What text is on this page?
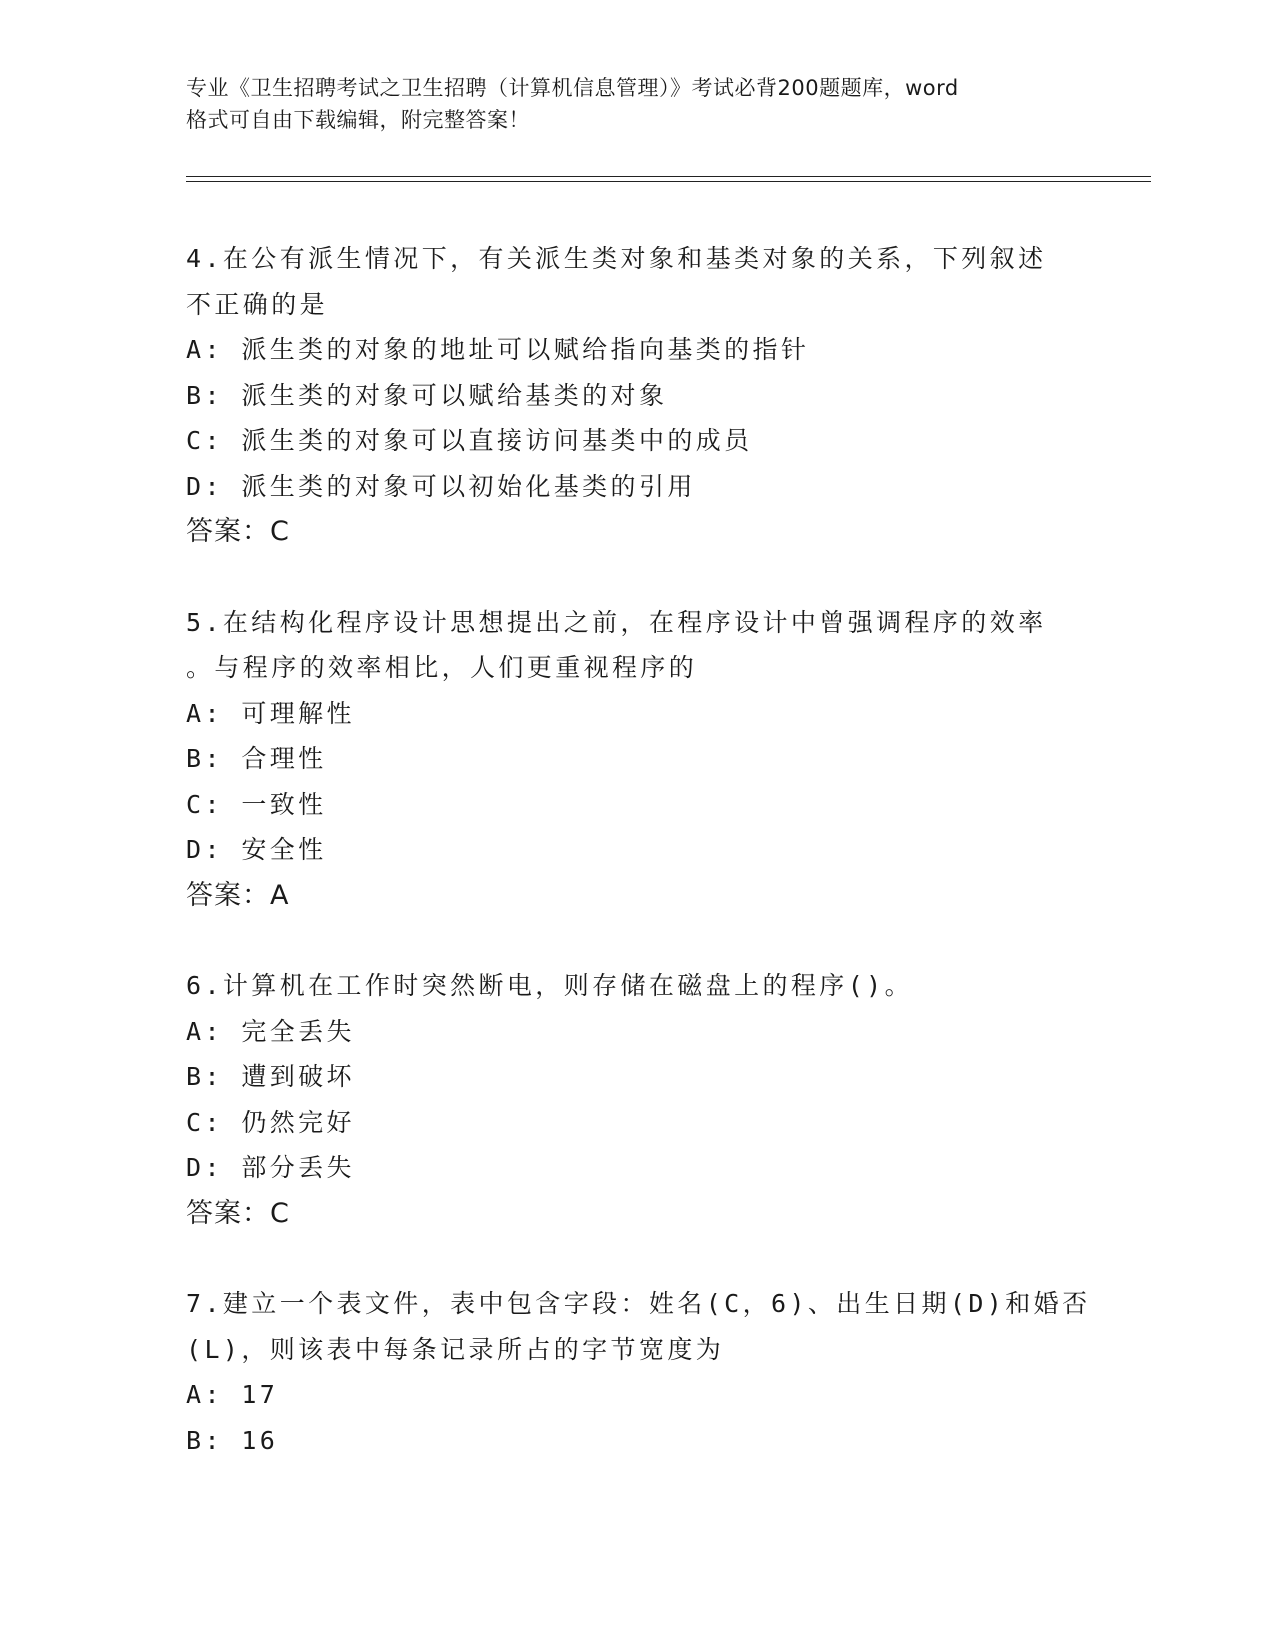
专业《卫生招聘考试之卫生招聘（计算机信息管理）》考试必背200题题库，word
格式可自由下载编辑，附完整答案！
4.在公有派生情况下，有关派生类对象和基类对象的关系，下列叙述
不正确的是
A: 派生类的对象的地址可以赋给指向基类的指针
B: 派生类的对象可以赋给基类的对象
C: 派生类的对象可以直接访问基类中的成员
D: 派生类的对象可以初始化基类的引用
答案：C
5.在结构化程序设计思想提出之前，在程序设计中曾强调程序的效率
。与程序的效率相比，人们更重视程序的
A: 可理解性
B: 合理性
C: 一致性
D: 安全性
答案：A
6.计算机在工作时突然断电，则存储在磁盘上的程序()。
A: 完全丢失
B: 遭到破坏
C: 仍然完好
D: 部分丢失
答案：C
7.建立一个表文件，表中包含字段：姓名(C，6)、出生日期(D)和婚否
(L)，则该表中每条记录所占的字节宽度为
A: 17
B: 16
